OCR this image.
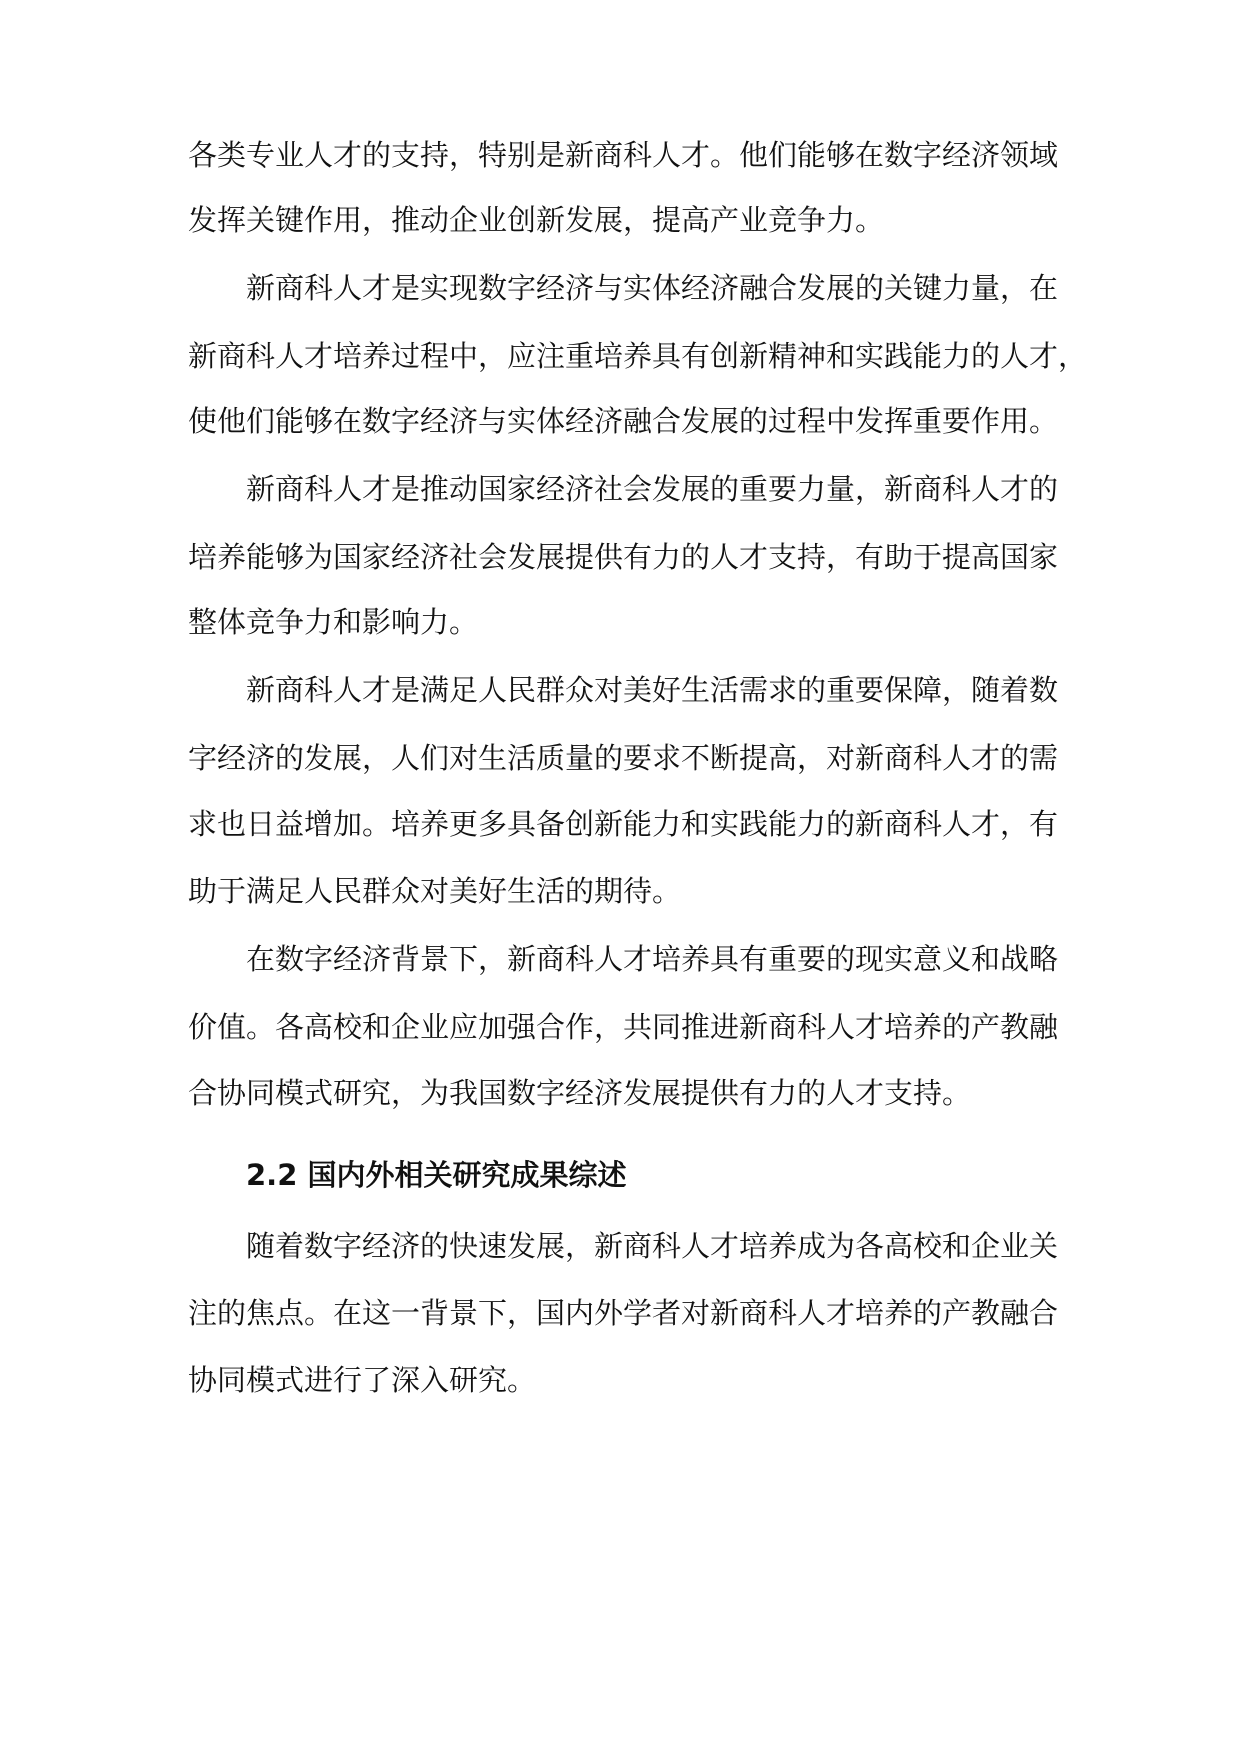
各类专业人才的支持，特别是新商科人才。他们能够在数字经济领域
发挥关键作用，推动企业创新发展，提高产业竞争力。
新商科人才是实现数字经济与实体经济融合发展的关键力量，在
新商科人才培养过程中，应注重培养具有创新精神和实践能力的人才，
使他们能够在数字经济与实体经济融合发展的过程中发挥重要作用。
新商科人才是推动国家经济社会发展的重要力量，新商科人才的
培养能够为国家经济社会发展提供有力的人才支持，有助于提高国家
整体竞争力和影响力。
新商科人才是满足人民群众对美好生活需求的重要保障，随着数
字经济的发展，人们对生活质量的要求不断提高，对新商科人才的需
求也日益增加。培养更多具备创新能力和实践能力的新商科人才，有
助于满足人民群众对美好生活的期待。
在数字经济背景下，新商科人才培养具有重要的现实意义和战略
价值。各高校和企业应加强合作，共同推进新商科人才培养的产教融
合协同模式研究，为我国数字经济发展提供有力的人才支持。
2.2 国内外相关研究成果综述
随着数字经济的快速发展，新商科人才培养成为各高校和企业关
注的焦点。在这一背景下，国内外学者对新商科人才培养的产教融合
协同模式进行了深入研究。
